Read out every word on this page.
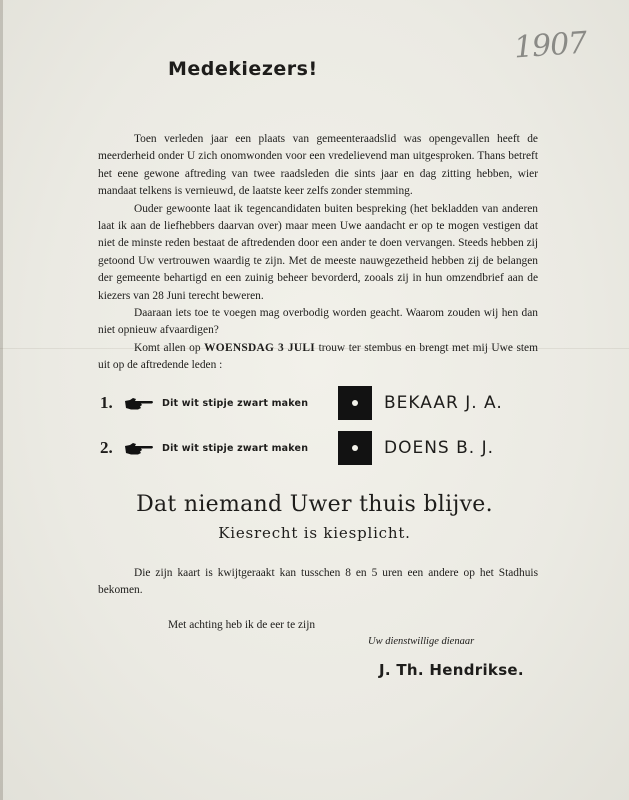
1907
Medekiezers!

Toen verleden jaar een plaats van gemeenteraadslid was opengevallen heeft de meerderheid onder U zich onomwonden voor een vredelievend man uitgesproken. Thans betreft het eene gewone aftreding van twee raadsleden die sints jaar en dag zitting hebben, wier mandaat telkens is vernieuwd, de laatste keer zelfs zonder stemming.

Ouder gewoonte laat ik tegencandidaten buiten bespreking (het bekladden van anderen laat ik aan de liefhebbers daarvan over) maar meen Uwe aandacht er op te mogen vestigen dat niet de minste reden bestaat de aftredenden door een ander te doen vervangen. Steeds hebben zij getoond Uw vertrouwen waardig te zijn. Met de meeste nauwgezetheid hebben zij de belangen der gemeente behartigd en een zuinig beheer bevorderd, zooals zij in hun omzendbrief aan de kiezers van 28 Juni terecht beweren.

Daaraan iets toe te voegen mag overbodig worden geacht. Waarom zouden wij hen dan niet opnieuw afvaardigen?

Komt allen op WOENSDAG 3 JULI trouw ter stembus en brengt met mij Uwe stem uit op de aftredende leden :

1.	Dit wit stipje zwart maken	BEKAAR J. A.
2.	Dit wit stipje zwart maken	DOENS B. J.
Dat niemand Uwer thuis blijve.
Kiesrecht is kiesplicht.
Die zijn kaart is kwijtgeraakt kan tusschen 8 en 5 uren een andere op het Stadhuis bekomen.
Met achting heb ik de eer te zijn
Uw dienstwillige dienaar
J. Th. Hendrikse.
